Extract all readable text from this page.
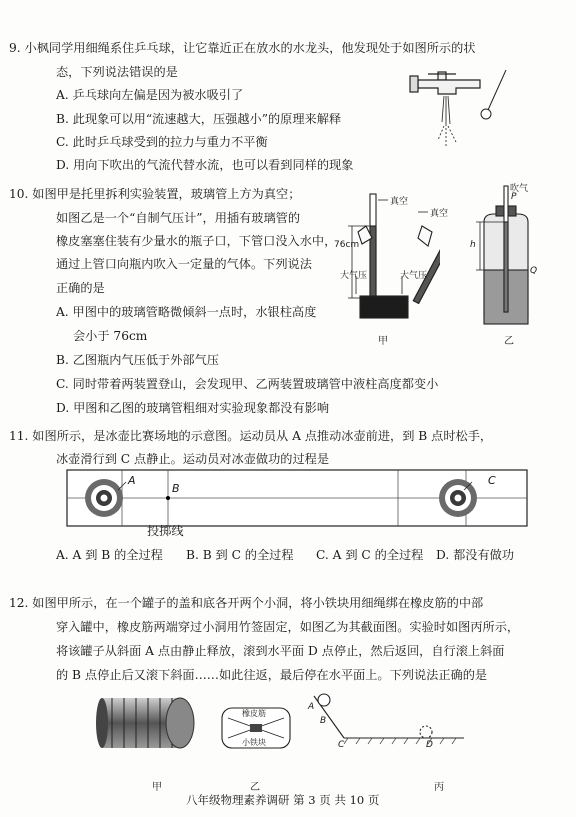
9. 小枫同学用细绳系住乒乓球，让它靠近正在放水的水龙头，他发现处于如图所示的状
态，下列说法错误的是
A. 乒乓球向左偏是因为被水吸引了
B. 此现象可以用“流速越大，压强越小”的原理来解释
C. 此时乒乓球受到的拉力与重力不平衡
D. 用向下吹出的气流代替水流，也可以看到同样的现象
10. 如图甲是托里拆利实验装置，玻璃管上方为真空；
如图乙是一个“自制气压计”，用插有玻璃管的
橡皮塞塞住装有少量水的瓶子口，下管口没入水中，
通过上管口向瓶内吹入一定量的气体。下列说法
正确的是
A. 甲图中的玻璃管略微倾斜一点时，水银柱高度
会小于 76cm
B. 乙图瓶内气压低于外部气压
C. 同时带着两装置登山，会发现甲、乙两装置玻璃管中液柱高度都变小
D. 甲图和乙图的玻璃管粗细对实验现象都没有影响
真空
真空
76cm
大气压	大气压
甲
吹气
P
h
Q
乙
11. 如图所示，是冰壶比赛场地的示意图。运动员从 A 点推动冰壶前进，到 B 点时松手，
冰壶滑行到 C 点静止。运动员对冰壶做功的过程是
A
B
C
投掷线
A. A 到 B 的全过程 B. B 到 C 的全过程 C. A 到 C 的全过程 D. 都没有做功
12. 如图甲所示，在一个罐子的盖和底各开两个小洞，将小铁块用细绳绑在橡皮筋的中部
穿入罐中，橡皮筋两端穿过小洞用竹签固定，如图乙为其截面图。实验时如图丙所示，
将该罐子从斜面 A 点由静止释放，滚到水平面 D 点停止，然后返回，自行滚上斜面
的 B 点停止后又滚下斜面……如此往返，最后停在水平面上。下列说法正确的是
橡皮筋
小铁块
A
B
C	D
甲	乙	丙
八年级物理素养调研 第 3 页 共 10 页
